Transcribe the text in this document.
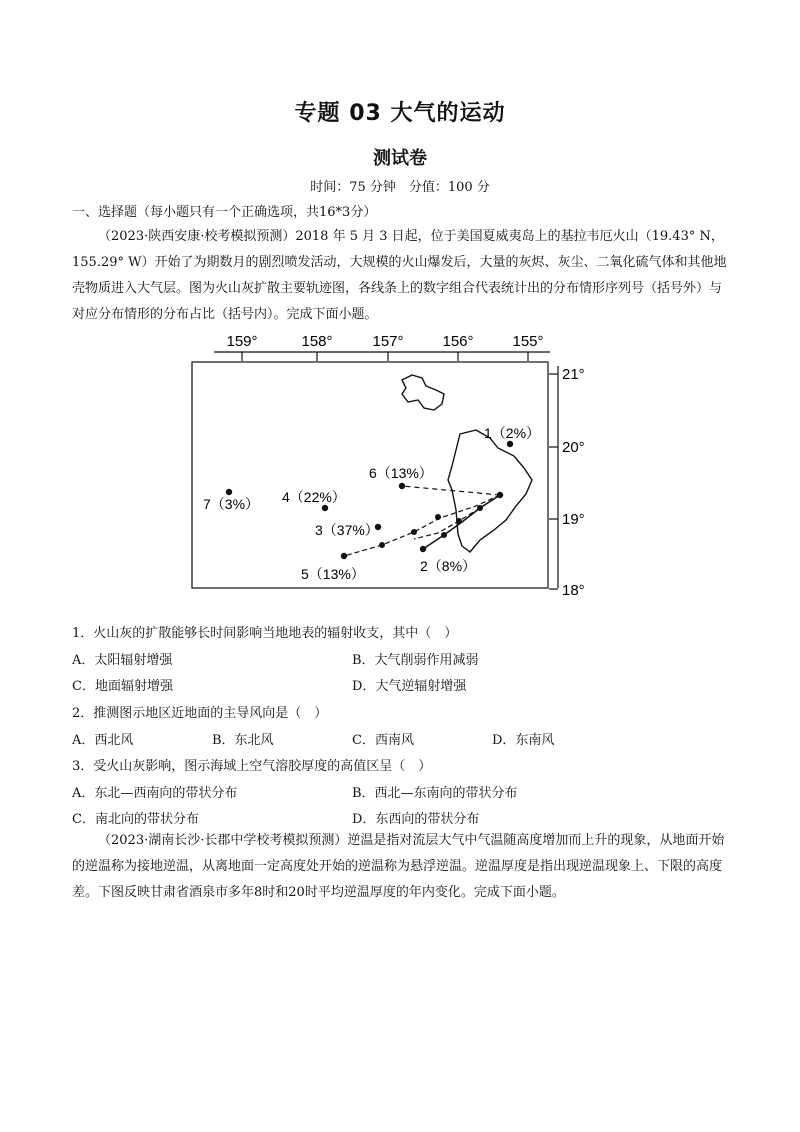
专题 03 大气的运动
测试卷
时间：75 分钟　分值：100 分
一、选择题（每小题只有一个正确选项，共16*3分）
（2023·陕西安康·校考模拟预测）2018 年 5 月 3 日起，位于美国夏威夷岛上的基拉韦厄火山（19.43° N，155.29° W）开始了为期数月的剧烈喷发活动，大规模的火山爆发后，大量的灰烬、灰尘、二氧化硫气体和其他地壳物质进入大气层。图为火山灰扩散主要轨迹图，各线条上的数字组合代表统计出的分布情形序列号（括号外）与对应分布情形的分布占比（括号内）。完成下面小题。
159°	158°	157°	156°	155°
21°
20°
19°
18°
1（2%）
2（8%）
3（37%）
4（22%）
5（13%）
6（13%）
7（3%）
1．火山灰的扩散能够长时间影响当地地表的辐射收支，其中（　）
A．太阳辐射增强	B．大气削弱作用减弱
C．地面辐射增强	D．大气逆辐射增强
2．推测图示地区近地面的主导风向是（　）
A．西北风	B．东北风	C．西南风	D．东南风
3．受火山灰影响，图示海域上空气溶胶厚度的高值区呈（　）
A．东北—西南向的带状分布	B．西北—东南向的带状分布
C．南北向的带状分布	D．东西向的带状分布
（2023·湖南长沙·长郡中学校考模拟预测）逆温是指对流层大气中气温随高度增加而上升的现象，从地面开始的逆温称为接地逆温，从离地面一定高度处开始的逆温称为悬浮逆温。逆温厚度是指出现逆温现象上、下限的高度差。下图反映甘肃省酒泉市多年8时和20时平均逆温厚度的年内变化。完成下面小题。
